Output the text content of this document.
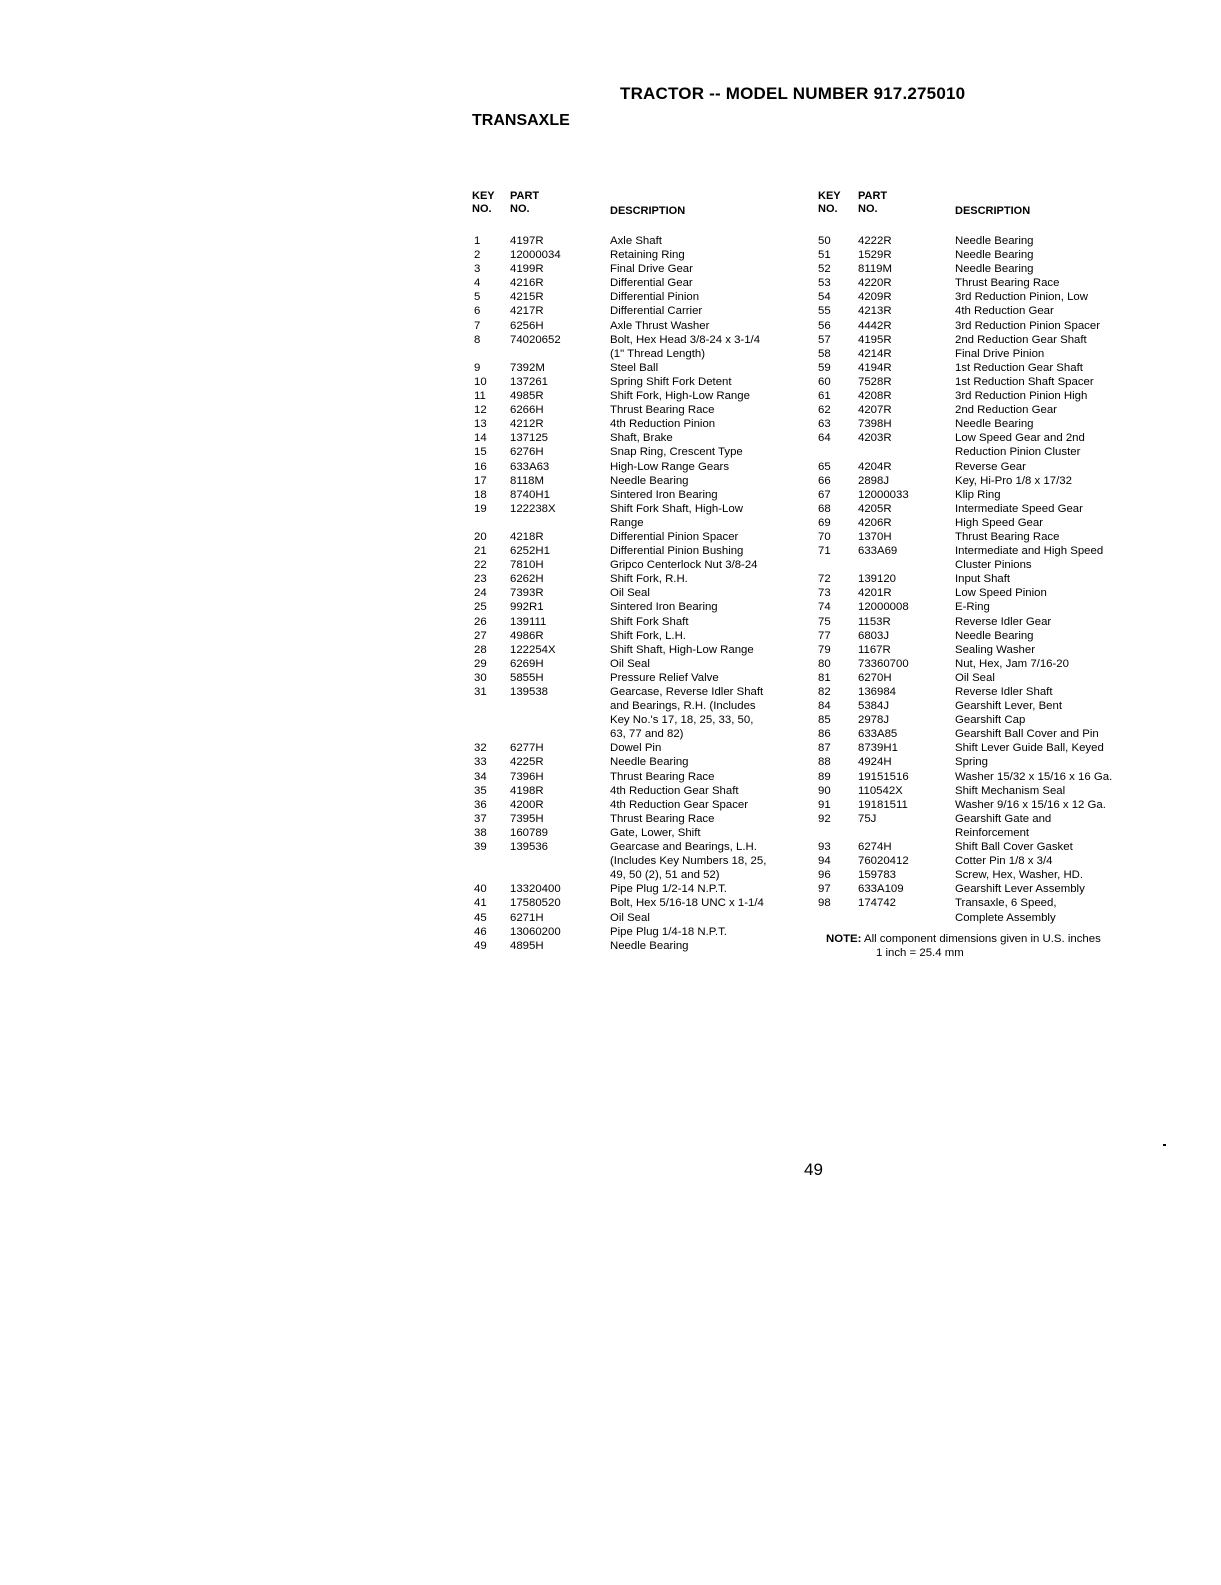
TRACTOR -- MODEL NUMBER 917.275010
TRANSAXLE
KEY
NO.
PART
NO.	DESCRIPTION
KEY
NO.
PART
NO.	DESCRIPTION
1	4197R	Axle Shaft
2	12000034	Retaining Ring
3	4199R	Final Drive Gear
4	4216R	Differential Gear
5	4215R	Differential Pinion
6	4217R	Differential Carrier
7	6256H	Axle Thrust Washer
8	74020652	Bolt, Hex Head 3/8-24 x 3-1/4
(1" Thread Length)
9	7392M	Steel Ball
10	137261	Spring Shift Fork Detent
11	4985R	Shift Fork, High-Low Range
12	6266H	Thrust Bearing Race
13	4212R	4th Reduction Pinion
14	137125	Shaft, Brake
15	6276H	Snap Ring, Crescent Type
16	633A63	High-Low Range Gears
17	8118M	Needle Bearing
18	8740H1	Sintered Iron Bearing
19	122238X	Shift Fork Shaft, High-Low
Range
20	4218R	Differential Pinion Spacer
21	6252H1	Differential Pinion Bushing
22	7810H	Gripco Centerlock Nut 3/8-24
23	6262H	Shift Fork, R.H.
24	7393R	Oil Seal
25	992R1	Sintered Iron Bearing
26	139111	Shift Fork Shaft
27	4986R	Shift Fork, L.H.
28	122254X	Shift Shaft, High-Low Range
29	6269H	Oil Seal
30	5855H	Pressure Relief Valve
31	139538	Gearcase, Reverse Idler Shaft
and Bearings, R.H. (Includes
Key No.'s 17, 18, 25, 33, 50,
63, 77 and 82)
32	6277H	Dowel Pin
33	4225R	Needle Bearing
34	7396H	Thrust Bearing Race
35	4198R	4th Reduction Gear Shaft
36	4200R	4th Reduction Gear Spacer
37	7395H	Thrust Bearing Race
38	160789	Gate, Lower, Shift
39	139536	Gearcase and Bearings, L.H.
(Includes Key Numbers 18, 25,
49, 50 (2), 51 and 52)
40	13320400	Pipe Plug 1/2-14 N.P.T.
41	17580520	Bolt, Hex 5/16-18 UNC x 1-1/4
45	6271H	Oil Seal
46	13060200	Pipe Plug 1/4-18 N.P.T.
49	4895H	Needle Bearing
50	4222R	Needle Bearing
51	1529R	Needle Bearing
52	8119M	Needle Bearing
53	4220R	Thrust Bearing Race
54	4209R	3rd Reduction Pinion, Low
55	4213R	4th Reduction Gear
56	4442R	3rd Reduction Pinion Spacer
57	4195R	2nd Reduction Gear Shaft
58	4214R	Final Drive Pinion
59	4194R	1st Reduction Gear Shaft
60	7528R	1st Reduction Shaft Spacer
61	4208R	3rd Reduction Pinion High
62	4207R	2nd Reduction Gear
63	7398H	Needle Bearing
64	4203R	Low Speed Gear and 2nd
Reduction Pinion Cluster
65	4204R	Reverse Gear
66	2898J	Key, Hi-Pro 1/8 x 17/32
67	12000033	Klip Ring
68	4205R	Intermediate Speed Gear
69	4206R	High Speed Gear
70	1370H	Thrust Bearing Race
71	633A69	Intermediate and High Speed
Cluster Pinions
72	139120	Input Shaft
73	4201R	Low Speed Pinion
74	12000008	E-Ring
75	1153R	Reverse Idler Gear
77	6803J	Needle Bearing
79	1167R	Sealing Washer
80	73360700	Nut, Hex, Jam 7/16-20
81	6270H	Oil Seal
82	136984	Reverse Idler Shaft
84	5384J	Gearshift Lever, Bent
85	2978J	Gearshift Cap
86	633A85	Gearshift Ball Cover and Pin
87	8739H1	Shift Lever Guide Ball, Keyed
88	4924H	Spring
89	19151516	Washer 15/32 x 15/16 x 16 Ga.
90	110542X	Shift Mechanism Seal
91	19181511	Washer 9/16 x 15/16 x 12 Ga.
92	75J	Gearshift Gate and
Reinforcement
93	6274H	Shift Ball Cover Gasket
94	76020412	Cotter Pin 1/8 x 3/4
96	159783	Screw, Hex, Washer, HD.
97	633A109	Gearshift Lever Assembly
98	174742	Transaxle, 6 Speed,
Complete Assembly
NOTE: All component dimensions given in U.S. inches
1 inch = 25.4 mm
49
